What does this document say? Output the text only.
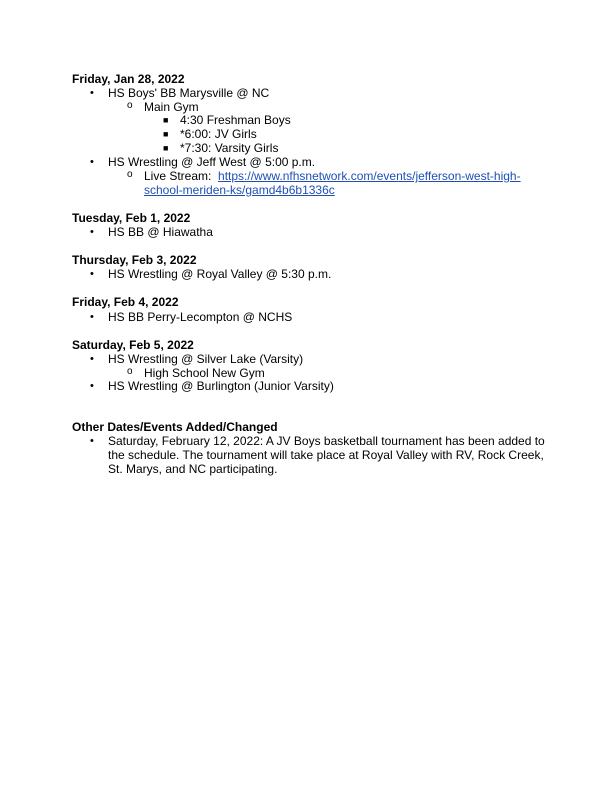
Friday, Jan 28, 2022
• HS Boys' BB Marysville @ NC
o Main Gym
■ 4:30 Freshman Boys
■ *6:00: JV Girls
■ *7:30: Varsity Girls
• HS Wrestling @ Jeff West @ 5:00 p.m.
o Live Stream: https://www.nfhsnetwork.com/events/jefferson-west-high-
school-meriden-ks/gamd4b6b1336c
Tuesday, Feb 1, 2022
• HS BB @ Hiawatha
Thursday, Feb 3, 2022
• HS Wrestling @ Royal Valley @ 5:30 p.m.
Friday, Feb 4, 2022
• HS BB Perry-Lecompton @ NCHS
Saturday, Feb 5, 2022
• HS Wrestling @ Silver Lake (Varsity)
o High School New Gym
• HS Wrestling @ Burlington (Junior Varsity)
Other Dates/Events Added/Changed
• Saturday, February 12, 2022: A JV Boys basketball tournament has been added to the schedule. The tournament will take place at Royal Valley with RV, Rock Creek, St. Marys, and NC participating.
